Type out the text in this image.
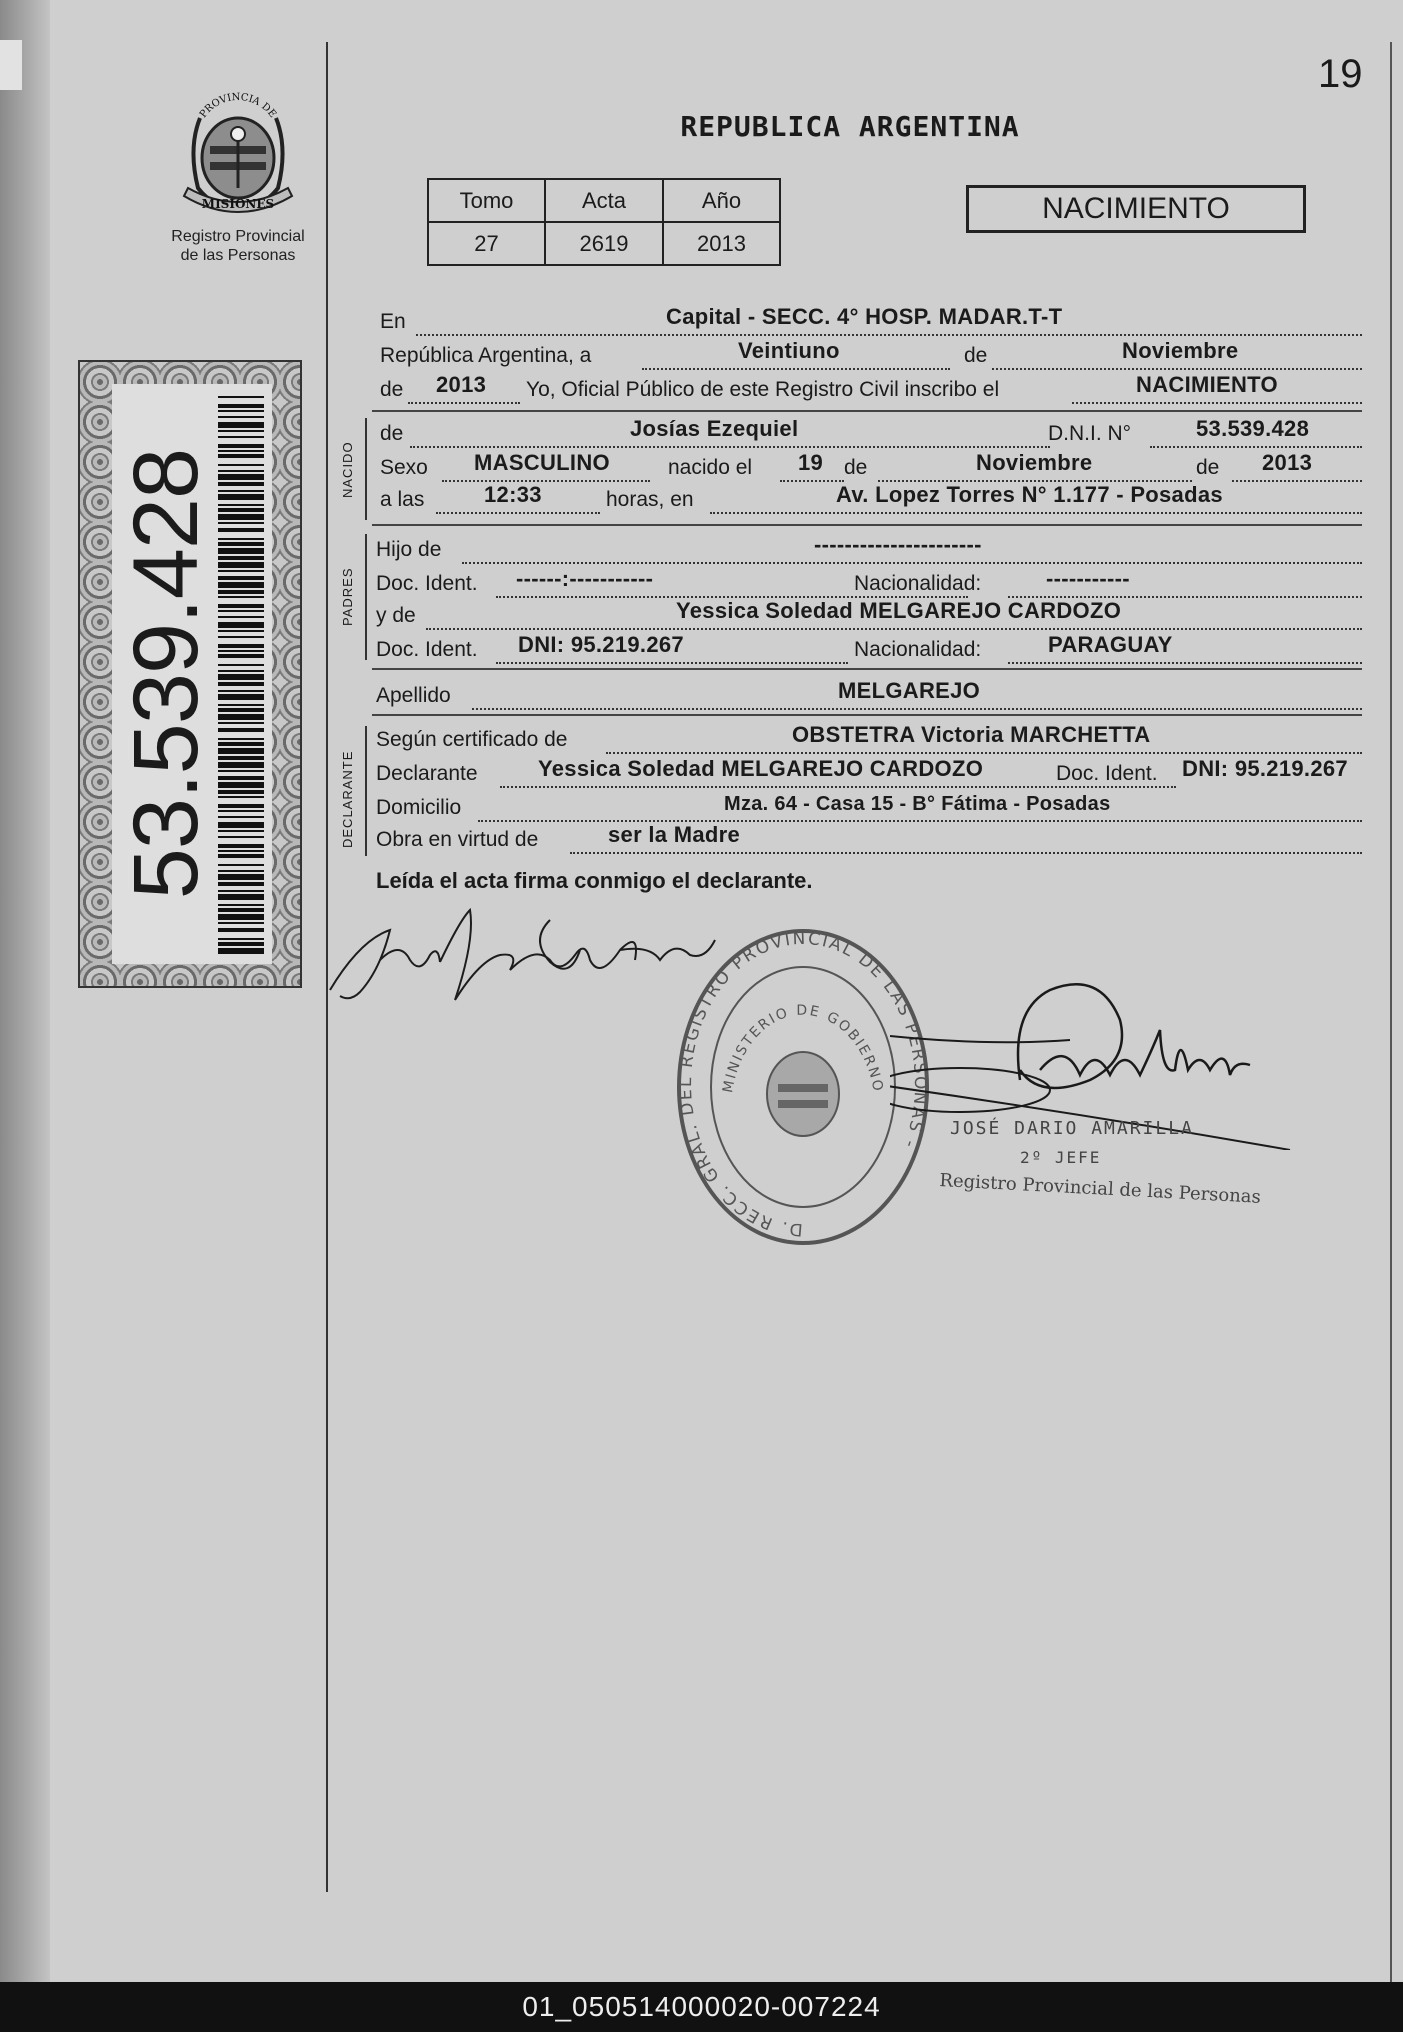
19
PROVINCIA DE
MISIONES
Registro Provincial
de las Personas
REPUBLICA ARGENTINA
Tomo	Acta	Año
27	2619	2013
NACIMIENTO
53.539.428
En	Capital - SECC. 4° HOSP. MADAR.T-T
República Argentina, a	Veintiuno	de	Noviembre
de 2013 Yo, Oficial Público de este Registro Civil inscribo el	NACIMIENTO
NACIDO
de	Josías Ezequiel	D.N.I. N°	53.539.428
Sexo MASCULINO	nacido el 19 de	Noviembre	de 2013
a las	12:33	horas, en	Av. Lopez Torres N° 1.177 - Posadas
PADRES
Hijo de	----------------------
Doc. Ident. ------:-----------	Nacionalidad:	-----------
y de	Yessica Soledad MELGAREJO CARDOZO
Doc. Ident. DNI: 95.219.267	Nacionalidad:	PARAGUAY
Apellido	MELGAREJO
DECLARANTE
Según certificado de	OBSTETRA Victoria MARCHETTA
Declarante	Yessica Soledad MELGAREJO CARDOZO	Doc. Ident. DNI: 95.219.267
Domicilio	Mza. 64 - Casa 15 - B° Fátima - Posadas
Obra en virtud de	ser la Madre
Leída el acta firma conmigo el declarante.
D. RECC. GRAL. DEL REGISTRO PROVINCIAL DE LAS PERSONAS -
MINISTERIO DE GOBIERNO
JOSÉ DARIO AMARILLA
2º JEFE
Registro Provincial de las Personas
01_050514000020-007224
